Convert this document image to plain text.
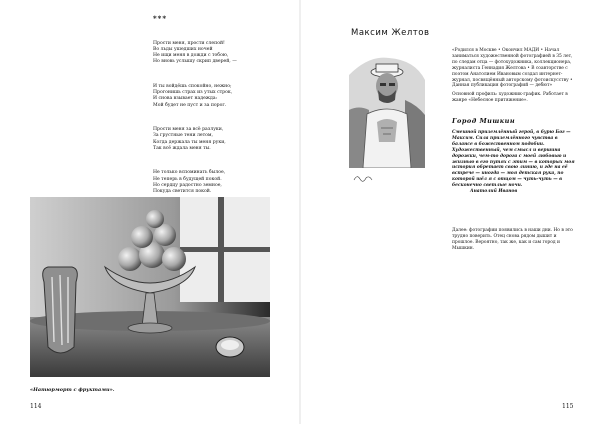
***

Прости меня, прости слепой!
Во льды ушедших ночей
Не ищи меня в дожди с тобою,
Но вновь услышу скрип дверей, —

И ты войдёшь спокойно, нежно;
Прогонишь страх из утых строк,
И снова взывает надежда:
Мой будет не пуст и за порог.

Прости меня за всё разлуки,
За грустные тени летом,
Когда держала ты меня руки,
Так всё ждала меня ты.

Не только вспоминать былое,
Не теперь в будущей покой.
Но сердцу радостно земное,
Покуда светится покой.

«Натюрморт с фруктами».
114
Максим Желтов

«Родился в Москве • Окончил МАДИ • Начал заниматься художественной фотографией в 35 лет, по следам отца — фотохудожника, коллекционера, журналиста Геннадия Желтова • В соавторстве с поэтом Анатолием Ивановым создал интернет-журнал, посвящённый авторскому фотоискусству • Данная публикация фотографий — дебют»

Основной профиль: художник-график. Работает в жанре «Небесное притяжение».

Город Мишкин
Смешной приземлённый герой, в бурю Бог — Максим. Сила приземлённого чувства в балансе в божественном подобии. Художественный, чем смысл и вершина дорожки, чем-то дорога с моей любовью и жизнью в его путях с этим — в которых моя история обретает свою линию, и где на её встрече — иногда — моя детская рука, по которой шёл я с отцом — чуть-чуть — в бесконечно светлые ночи.
Анатолий Иванов
Далее: фотографии появились в наши дни. Но в это трудно поверить. Отец снова рядом дышит и прошлое. Вероятно, так же, как и сам город и Мышкин.
115
